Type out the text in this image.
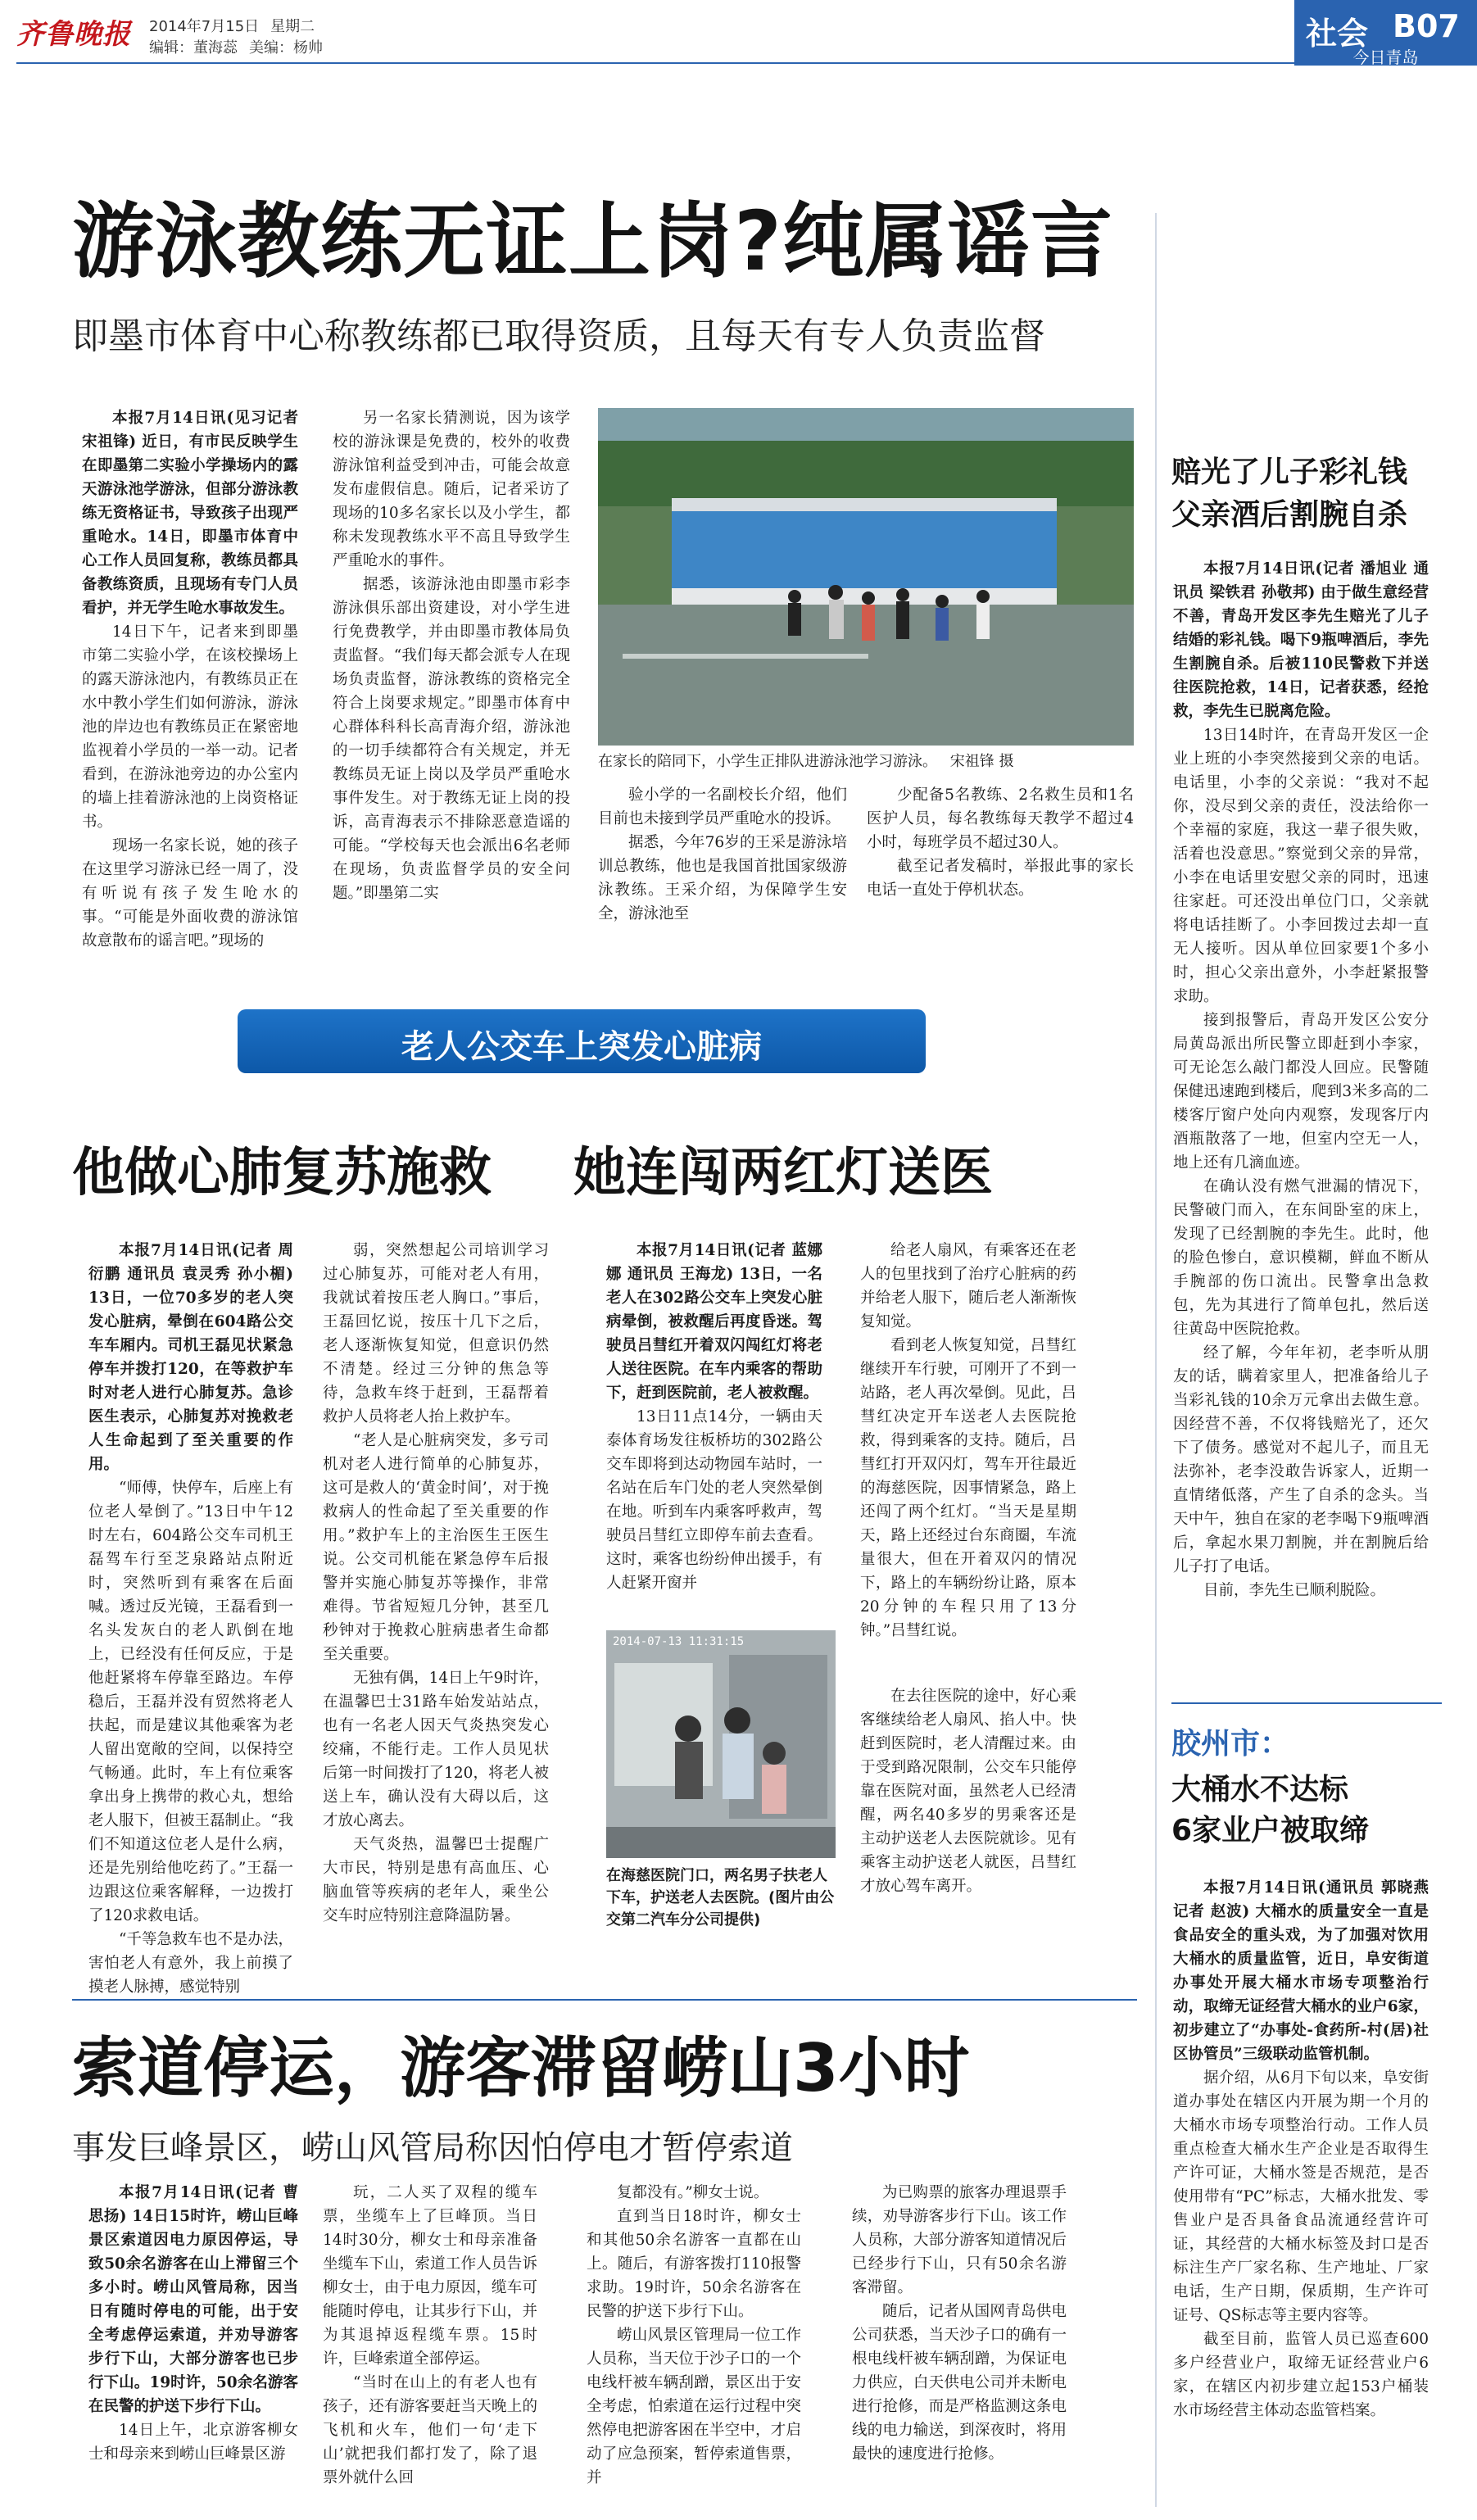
齐鲁晚报 2014年7月15日 星期二
编辑：董海蕊 美编：杨帅	社会 B07
今日青岛
游泳教练无证上岗?纯属谣言
即墨市体育中心称教练都已取得资质，且每天有专人负责监督

本报7月14日讯(见习记者 宋祖锋) 近日，有市民反映学生在即墨第二实验小学操场内的露天游泳池学游泳，但部分游泳教练无资格证书，导致孩子出现严重呛水。14日，即墨市体育中心工作人员回复称，教练员都具备教练资质，且现场有专门人员看护，并无学生呛水事故发生。

14日下午，记者来到即墨市第二实验小学，在该校操场上的露天游泳池内，有教练员正在水中教小学生们如何游泳，游泳池的岸边也有教练员正在紧密地监视着小学员的一举一动。记者看到，在游泳池旁边的办公室内的墙上挂着游泳池的上岗资格证书。

现场一名家长说，她的孩子在这里学习游泳已经一周了，没有听说有孩子发生呛水的事。“可能是外面收费的游泳馆故意散布的谣言吧。”现场的

另一名家长猜测说，因为该学校的游泳课是免费的，校外的收费游泳馆利益受到冲击，可能会故意发布虚假信息。随后，记者采访了现场的10多名家长以及小学生，都称未发现教练水平不高且导致学生严重呛水的事件。

据悉，该游泳池由即墨市彩李游泳俱乐部出资建设，对小学生进行免费教学，并由即墨市教体局负责监督。“我们每天都会派专人在现场负责监督，游泳教练的资格完全符合上岗要求规定。”即墨市体育中心群体科科长高青海介绍，游泳池的一切手续都符合有关规定，并无教练员无证上岗以及学员严重呛水事件发生。对于教练无证上岗的投诉，高青海表示不排除恶意造谣的可能。“学校每天也会派出6名老师在现场，负责监督学员的安全问题。”即墨第二实

在家长的陪同下，小学生正排队进游泳池学习游泳。 宋祖锋 摄

验小学的一名副校长介绍，他们目前也未接到学员严重呛水的投诉。

据悉，今年76岁的王采是游泳培训总教练，他也是我国首批国家级游泳教练。王采介绍，为保障学生安全，游泳池至

少配备5名教练、2名救生员和1名医护人员，每名教练每天教学不超过4小时，每班学员不超过30人。

截至记者发稿时，举报此事的家长电话一直处于停机状态。

老人公交车上突发心脏病
他做心肺复苏施救

本报7月14日讯(记者 周衍鹏 通讯员 袁灵秀 孙小楣) 13日，一位70多岁的老人突发心脏病，晕倒在604路公交车车厢内。司机王磊见状紧急停车并拨打120，在等救护车时对老人进行心肺复苏。急诊医生表示，心肺复苏对挽救老人生命起到了至关重要的作用。

“师傅，快停车，后座上有位老人晕倒了。”13日中午12时左右，604路公交车司机王磊驾车行至芝泉路站点附近时，突然听到有乘客在后面喊。透过反光镜，王磊看到一名头发灰白的老人趴倒在地上，已经没有任何反应，于是他赶紧将车停靠至路边。车停稳后，王磊并没有贸然将老人扶起，而是建议其他乘客为老人留出宽敞的空间，以保持空气畅通。此时，车上有位乘客拿出身上携带的救心丸，想给老人服下，但被王磊制止。“我们不知道这位老人是什么病，还是先别给他吃药了。”王磊一边跟这位乘客解释，一边拨打了120求救电话。

“千等急救车也不是办法，害怕老人有意外，我上前摸了摸老人脉搏，感觉特别

弱，突然想起公司培训学习过心肺复苏，可能对老人有用，我就试着按压老人胸口。”事后，王磊回忆说，按压十几下之后，老人逐渐恢复知觉，但意识仍然不清楚。经过三分钟的焦急等待，急救车终于赶到，王磊帮着救护人员将老人抬上救护车。

“老人是心脏病突发，多亏司机对老人进行简单的心肺复苏，这可是救人的‘黄金时间’，对于挽救病人的性命起了至关重要的作用。”救护车上的主治医生王医生说。公交司机能在紧急停车后报警并实施心肺复苏等操作，非常难得。节省短短几分钟，甚至几秒钟对于挽救心脏病患者生命都至关重要。

无独有偶，14日上午9时许，在温馨巴士31路车始发站站点，也有一名老人因天气炎热突发心绞痛，不能行走。工作人员见状后第一时间拨打了120，将老人被送上车，确认没有大碍以后，这才放心离去。

天气炎热，温馨巴士提醒广大市民，特别是患有高血压、心脑血管等疾病的老年人，乘坐公交车时应特别注意降温防暑。

她连闯两红灯送医

本报7月14日讯(记者 蓝娜娜 通讯员 王海龙) 13日，一名老人在302路公交车上突发心脏病晕倒，被救醒后再度昏迷。驾驶员吕彗红开着双闪闯红灯将老人送往医院。在车内乘客的帮助下，赶到医院前，老人被救醒。

13日11点14分，一辆由天泰体育场发往板桥坊的302路公交车即将到达动物园车站时，一名站在后车门处的老人突然晕倒在地。听到车内乘客呼救声，驾驶员吕彗红立即停车前去查看。这时，乘客也纷纷伸出援手，有人赶紧开窗并

给老人扇风，有乘客还在老人的包里找到了治疗心脏病的药并给老人服下，随后老人渐渐恢复知觉。

看到老人恢复知觉，吕彗红继续开车行驶，可刚开了不到一站路，老人再次晕倒。见此，吕彗红决定开车送老人去医院抢救，得到乘客的支持。随后，吕彗红打开双闪灯，驾车开往最近的海慈医院，因事情紧急，路上还闯了两个红灯。“当天是星期天，路上还经过台东商圈，车流量很大，但在开着双闪的情况下，路上的车辆纷纷让路，原本20分钟的车程只用了13分钟。”吕彗红说。

2014-07-13 11:31:15
在海慈医院门口，两名男子扶老人下车，护送老人去医院。(图片由公交第二汽车分公司提供)

在去往医院的途中，好心乘客继续给老人扇风、掐人中。快赶到医院时，老人清醒过来。由于受到路况限制，公交车只能停靠在医院对面，虽然老人已经清醒，两名40多岁的男乘客还是主动护送老人去医院就诊。见有乘客主动护送老人就医，吕彗红才放心驾车离开。

索道停运，游客滞留崂山3小时
事发巨峰景区，崂山风管局称因怕停电才暂停索道

本报7月14日讯(记者 曹思扬) 14日15时许，崂山巨峰景区索道因电力原因停运，导致50余名游客在山上滞留三个多小时。崂山风管局称，因当日有随时停电的可能，出于安全考虑停运索道，并劝导游客步行下山，大部分游客也已步行下山。19时许，50余名游客在民警的护送下步行下山。

14日上午，北京游客柳女士和母亲来到崂山巨峰景区游

玩，二人买了双程的缆车票，坐缆车上了巨峰顶。当日14时30分，柳女士和母亲准备坐缆车下山，索道工作人员告诉柳女士，由于电力原因，缆车可能随时停电，让其步行下山，并为其退掉返程缆车票。15时许，巨峰索道全部停运。

“当时在山上的有老人也有孩子，还有游客要赶当天晚上的飞机和火车，他们一句‘走下山’就把我们都打发了，除了退票外就什么回

复都没有。”柳女士说。

直到当日18时许，柳女士和其他50余名游客一直都在山上。随后，有游客拨打110报警求助。19时许，50余名游客在民警的护送下步行下山。

崂山风景区管理局一位工作人员称，当天位于沙子口的一个电线杆被车辆刮蹭，景区出于安全考虑，怕索道在运行过程中突然停电把游客困在半空中，才启动了应急预案，暂停索道售票，并

为已购票的旅客办理退票手续，劝导游客步行下山。该工作人员称，大部分游客知道情况后已经步行下山，只有50余名游客滞留。

随后，记者从国网青岛供电公司获悉，当天沙子口的确有一根电线杆被车辆刮蹭，为保证电力供应，白天供电公司并未断电进行抢修，而是严格监测这条电线的电力输送，到深夜时，将用最快的速度进行抢修。

赔光了儿子彩礼钱
父亲酒后割腕自杀

本报7月14日讯(记者 潘旭业 通讯员 梁铁君 孙敬邦) 由于做生意经营不善，青岛开发区李先生赔光了儿子结婚的彩礼钱。喝下9瓶啤酒后，李先生割腕自杀。后被110民警救下并送往医院抢救，14日，记者获悉，经抢救，李先生已脱离危险。

13日14时许，在青岛开发区一企业上班的小李突然接到父亲的电话。电话里，小李的父亲说：“我对不起你，没尽到父亲的责任，没法给你一个幸福的家庭，我这一辈子很失败，活着也没意思。”察觉到父亲的异常，小李在电话里安慰父亲的同时，迅速往家赶。可还没出单位门口，父亲就将电话挂断了。小李回拨过去却一直无人接听。因从单位回家要1个多小时，担心父亲出意外，小李赶紧报警求助。

接到报警后，青岛开发区公安分局黄岛派出所民警立即赶到小李家，可无论怎么敲门都没人回应。民警随保健迅速跑到楼后，爬到3米多高的二楼客厅窗户处向内观察，发现客厅内酒瓶散落了一地，但室内空无一人，地上还有几滴血迹。

在确认没有燃气泄漏的情况下，民警破门而入，在东间卧室的床上，发现了已经割腕的李先生。此时，他的脸色惨白，意识模糊，鲜血不断从手腕部的伤口流出。民警拿出急救包，先为其进行了简单包扎，然后送往黄岛中医院抢救。

经了解，今年年初，老李听从朋友的话，瞒着家里人，把准备给儿子当彩礼钱的10余万元拿出去做生意。因经营不善，不仅将钱赔光了，还欠下了债务。感觉对不起儿子，而且无法弥补，老李没敢告诉家人，近期一直情绪低落，产生了自杀的念头。当天中午，独自在家的老李喝下9瓶啤酒后，拿起水果刀割腕，并在割腕后给儿子打了电话。

目前，李先生已顺利脱险。

胶州市：
大桶水不达标
6家业户被取缔

本报7月14日讯(通讯员 郭晓燕 记者 赵波) 大桶水的质量安全一直是食品安全的重头戏，为了加强对饮用大桶水的质量监管，近日，阜安街道办事处开展大桶水市场专项整治行动，取缔无证经营大桶水的业户6家，初步建立了“办事处-食药所-村(居)社区协管员”三级联动监管机制。

据介绍，从6月下旬以来，阜安街道办事处在辖区内开展为期一个月的大桶水市场专项整治行动。工作人员重点检查大桶水生产企业是否取得生产许可证，大桶水签是否规范，是否使用带有“PC”标志，大桶水批发、零售业户是否具备食品流通经营许可证，其经营的大桶水标签及封口是否标注生产厂家名称、生产地址、厂家电话，生产日期，保质期，生产许可证号、QS标志等主要内容等。

截至目前，监管人员已巡查600多户经营业户，取缔无证经营业户6家，在辖区内初步建立起153户桶装水市场经营主体动态监管档案。
